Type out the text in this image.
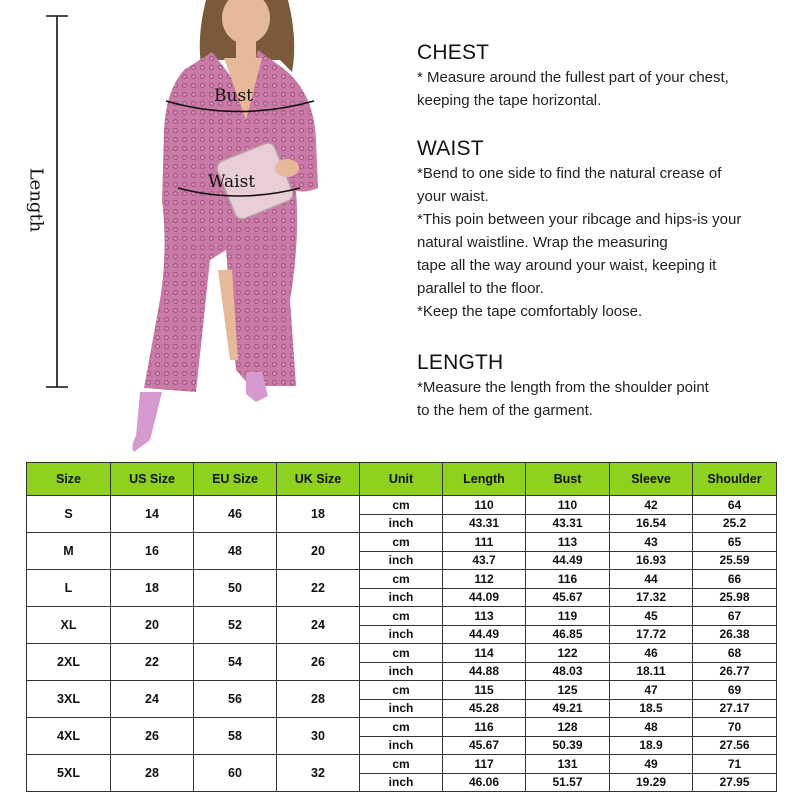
Length
Bust
Waist
CHEST

* Measure around the fullest part of your chest,

keeping the tape horizontal.

WAIST

*Bend to one side to find the natural crease of

your waist.

*This poin between your ribcage and hips-is your

natural waistline. Wrap the measuring

tape all the way around your waist, keeping it

parallel to the floor.

*Keep the tape comfortably loose.

LENGTH

*Measure the length from the shoulder point

to the hem of the garment.

Size	US Size	EU Size	UK Size	Unit	Length	Bust	Sleeve	Shoulder
S	14	46	18	cm	110	110	42	64
				inch	43.31	43.31	16.54	25.2
M	16	48	20	cm	111	113	43	65
				inch	43.7	44.49	16.93	25.59
L	18	50	22	cm	112	116	44	66
				inch	44.09	45.67	17.32	25.98
XL	20	52	24	cm	113	119	45	67
				inch	44.49	46.85	17.72	26.38
2XL	22	54	26	cm	114	122	46	68
				inch	44.88	48.03	18.11	26.77
3XL	24	56	28	cm	115	125	47	69
				inch	45.28	49.21	18.5	27.17
4XL	26	58	30	cm	116	128	48	70
				inch	45.67	50.39	18.9	27.56
5XL	28	60	32	cm	117	131	49	71
				inch	46.06	51.57	19.29	27.95
